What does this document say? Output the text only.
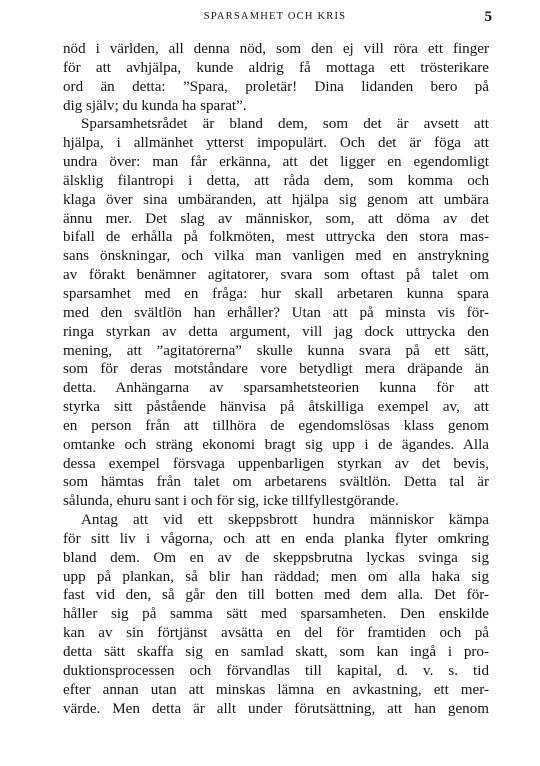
SPARSAMHET OCH KRIS	5
nöd i världen, all denna nöd, som den ej vill röra ett finger
för att avhjälpa, kunde aldrig få mottaga ett trösterikare
ord än detta: ”Spara, proletär! Dina lidanden bero på
dig själv; du kunda ha sparat”.
Sparsamhetsrådet är bland dem, som det är avsett att
hjälpa, i allmänhet ytterst impopulärt. Och det är föga att
undra över: man får erkänna, att det ligger en egendomligt
älsklig filantropi i detta, att råda dem, som komma och
klaga över sina umbäranden, att hjälpa sig genom att umbära
ännu mer. Det slag av människor, som, att döma av det
bifall de erhålla på folkmöten, mest uttrycka den stora mas-
sans önskningar, och vilka man vanligen med en anstrykning
av förakt benämner agitatorer, svara som oftast på talet om
sparsamhet med en fråga: hur skall arbetaren kunna spara
med den svältlön han erhåller? Utan att på minsta vis för-
ringa styrkan av detta argument, vill jag dock uttrycka den
mening, att ”agitatorerna” skulle kunna svara på ett sätt,
som för deras motståndare vore betydligt mera dräpande än
detta. Anhängarna av sparsamhetsteorien kunna för att
styrka sitt påstående hänvisa på åtskilliga exempel av, att
en person från att tillhöra de egendomslösas klass genom
omtanke och sträng ekonomi bragt sig upp i de ägandes. Alla
dessa exempel försvaga uppenbarligen styrkan av det bevis,
som hämtas från talet om arbetarens svältlön. Detta tal är
sålunda, ehuru sant i och för sig, icke tillfyllestgörande.
Antag att vid ett skeppsbrott hundra människor kämpa
för sitt liv i vågorna, och att en enda planka flyter omkring
bland dem. Om en av de skeppsbrutna lyckas svinga sig
upp på plankan, så blir han räddad; men om alla haka sig
fast vid den, så går den till botten med dem alla. Det för-
håller sig på samma sätt med sparsamheten. Den enskilde
kan av sin förtjänst avsätta en del för framtiden och på
detta sätt skaffa sig en samlad skatt, som kan ingå i pro-
duktionsprocessen och förvandlas till kapital, d. v. s. tid
efter annan utan att minskas lämna en avkastning, ett mer-
värde. Men detta är allt under förutsättning, att han genom
